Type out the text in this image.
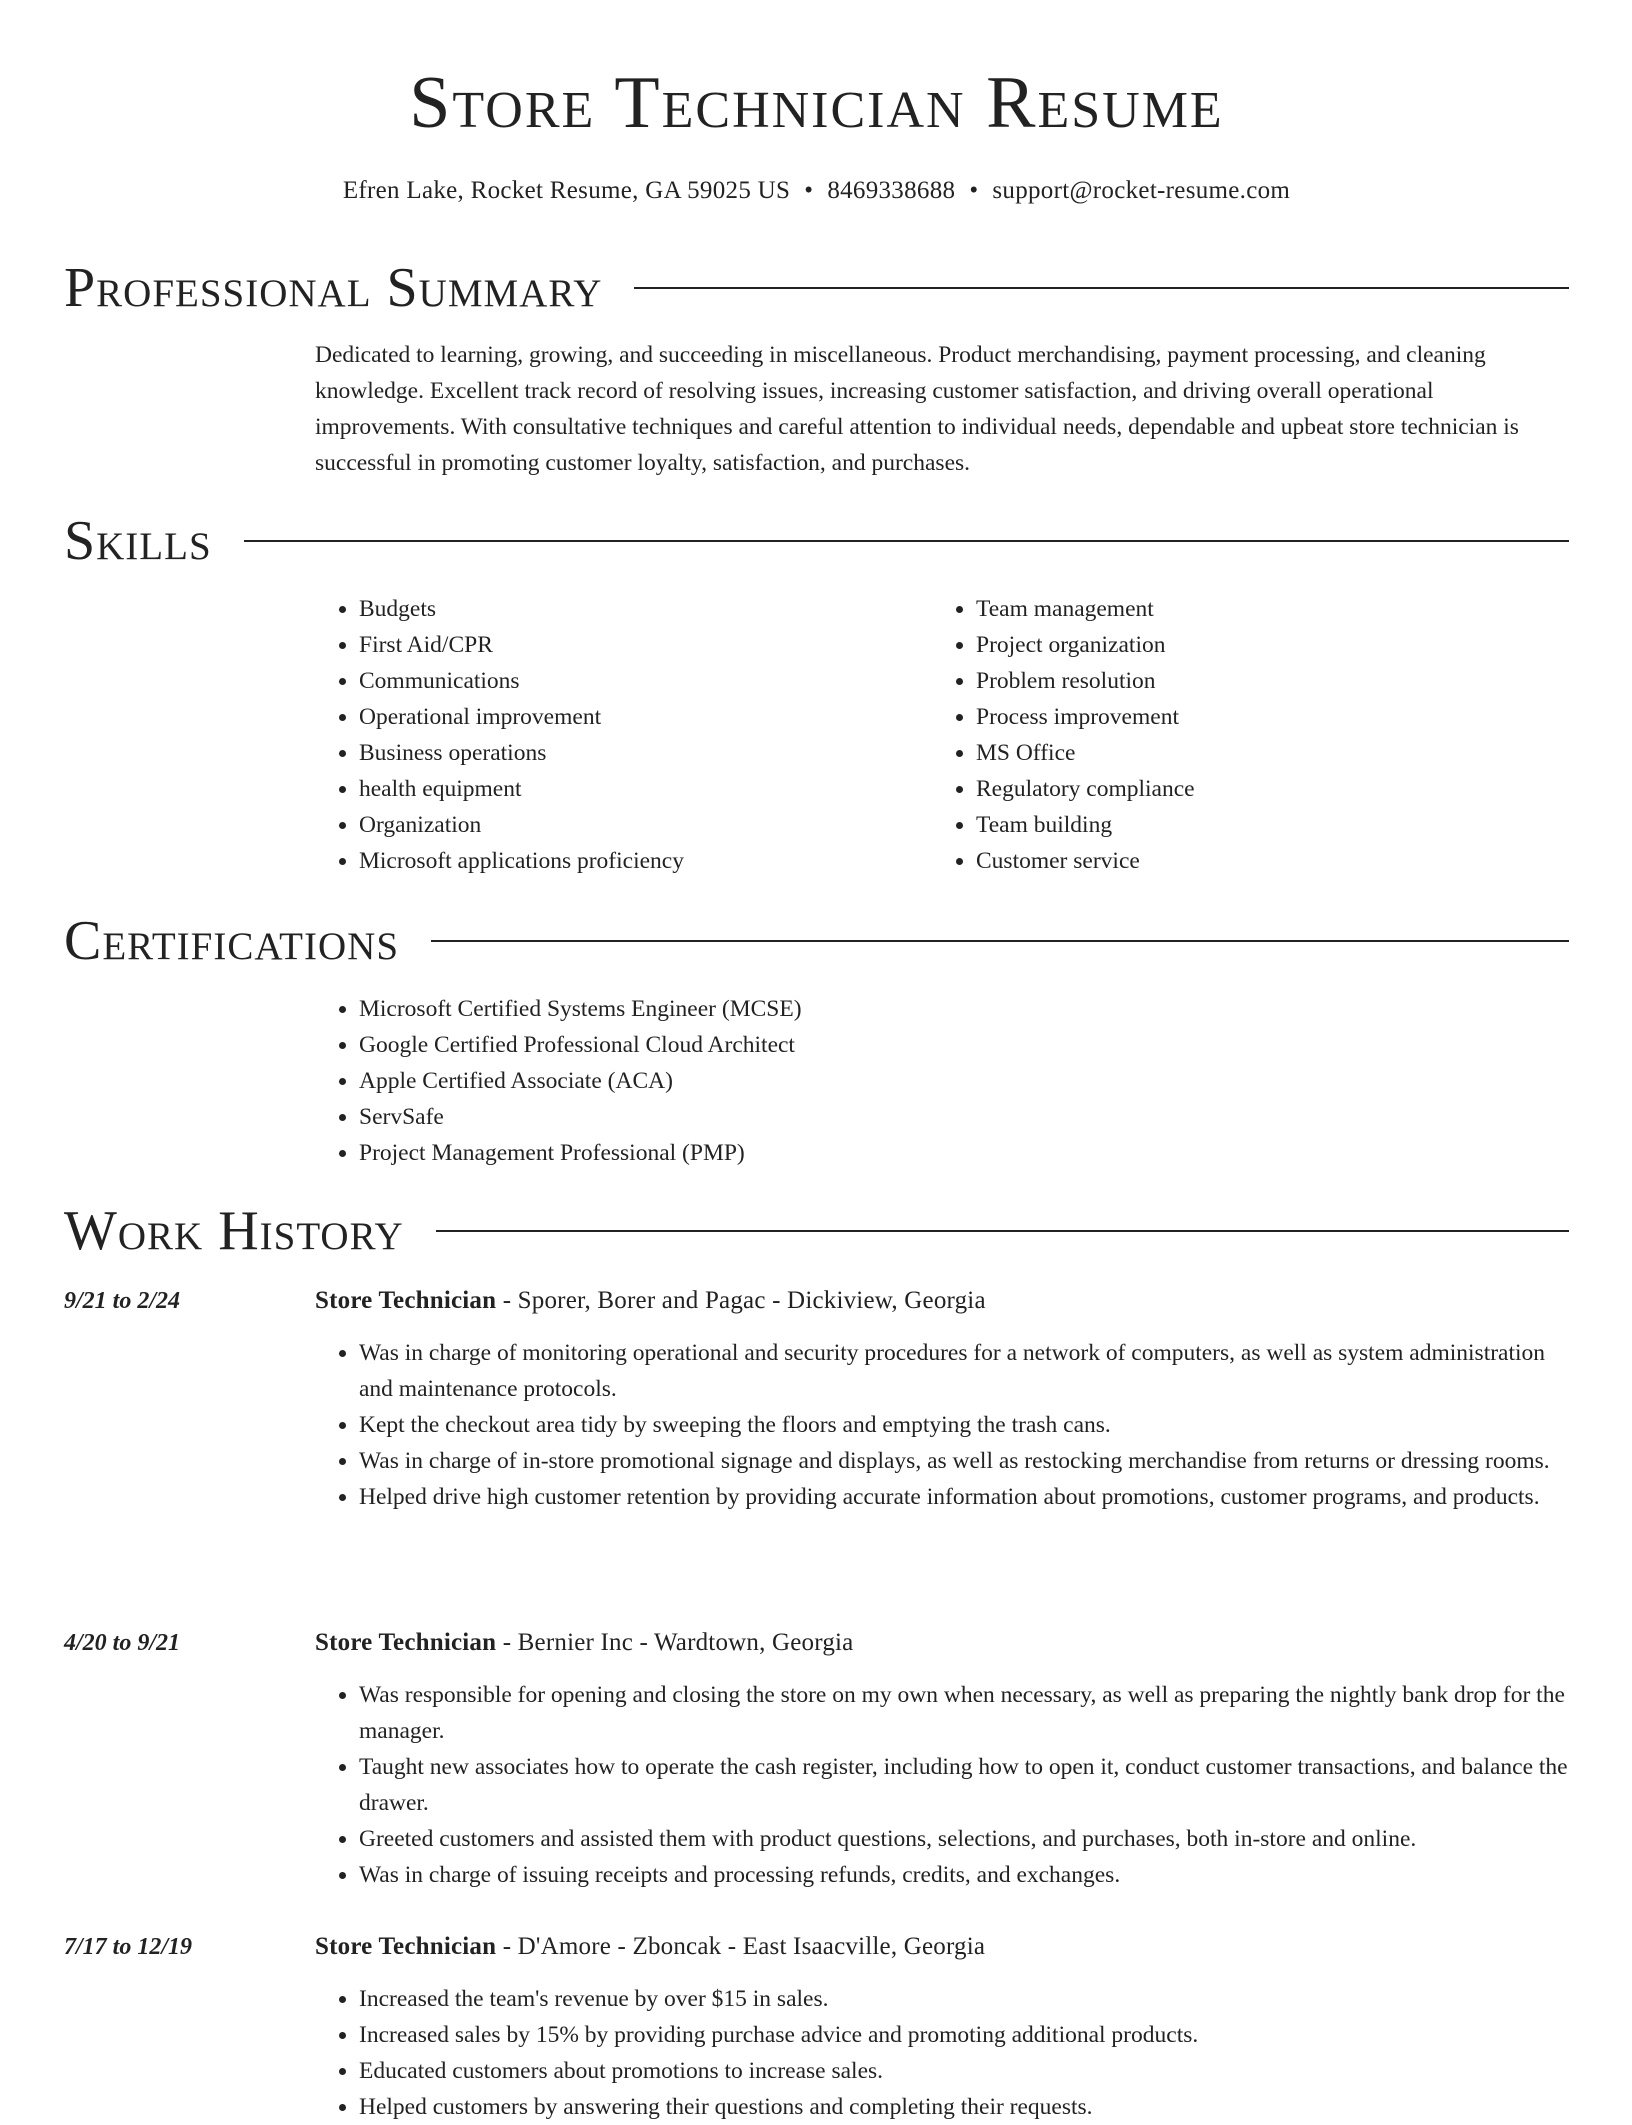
Store Technician Resume
Efren Lake, Rocket Resume, GA 59025 US • 8469338688 • support@rocket-resume.com
Professional Summary

Dedicated to learning, growing, and succeeding in miscellaneous. Product merchandising, payment processing, and cleaning knowledge. Excellent track record of resolving issues, increasing customer satisfaction, and driving overall operational improvements. With consultative techniques and careful attention to individual needs, dependable and upbeat store technician is successful in promoting customer loyalty, satisfaction, and purchases.

Skills
• Budgets
• First Aid/CPR
• Communications
• Operational improvement
• Business operations
• health equipment
• Organization
• Microsoft applications proficiency
• Team management
• Project organization
• Problem resolution
• Process improvement
• MS Office
• Regulatory compliance
• Team building
• Customer service
Certifications
• Microsoft Certified Systems Engineer (MCSE)
• Google Certified Professional Cloud Architect
• Apple Certified Associate (ACA)
• ServSafe
• Project Management Professional (PMP)
Work History
9/21 to 2/24	Store Technician - Sporer, Borer and Pagac - Dickiview, Georgia
• Was in charge of monitoring operational and security procedures for a network of computers, as well as system administration and maintenance protocols.
• Kept the checkout area tidy by sweeping the floors and emptying the trash cans.
• Was in charge of in-store promotional signage and displays, as well as restocking merchandise from returns or dressing rooms.
• Helped drive high customer retention by providing accurate information about promotions, customer programs, and products.
4/20 to 9/21	Store Technician - Bernier Inc - Wardtown, Georgia
• Was responsible for opening and closing the store on my own when necessary, as well as preparing the nightly bank drop for the manager.
• Taught new associates how to operate the cash register, including how to open it, conduct customer transactions, and balance the drawer.
• Greeted customers and assisted them with product questions, selections, and purchases, both in-store and online.
• Was in charge of issuing receipts and processing refunds, credits, and exchanges.
7/17 to 12/19	Store Technician - D'Amore - Zboncak - East Isaacville, Georgia
• Increased the team's revenue by over $15 in sales.
• Increased sales by 15% by providing purchase advice and promoting additional products.
• Educated customers about promotions to increase sales.
• Helped customers by answering their questions and completing their requests.
